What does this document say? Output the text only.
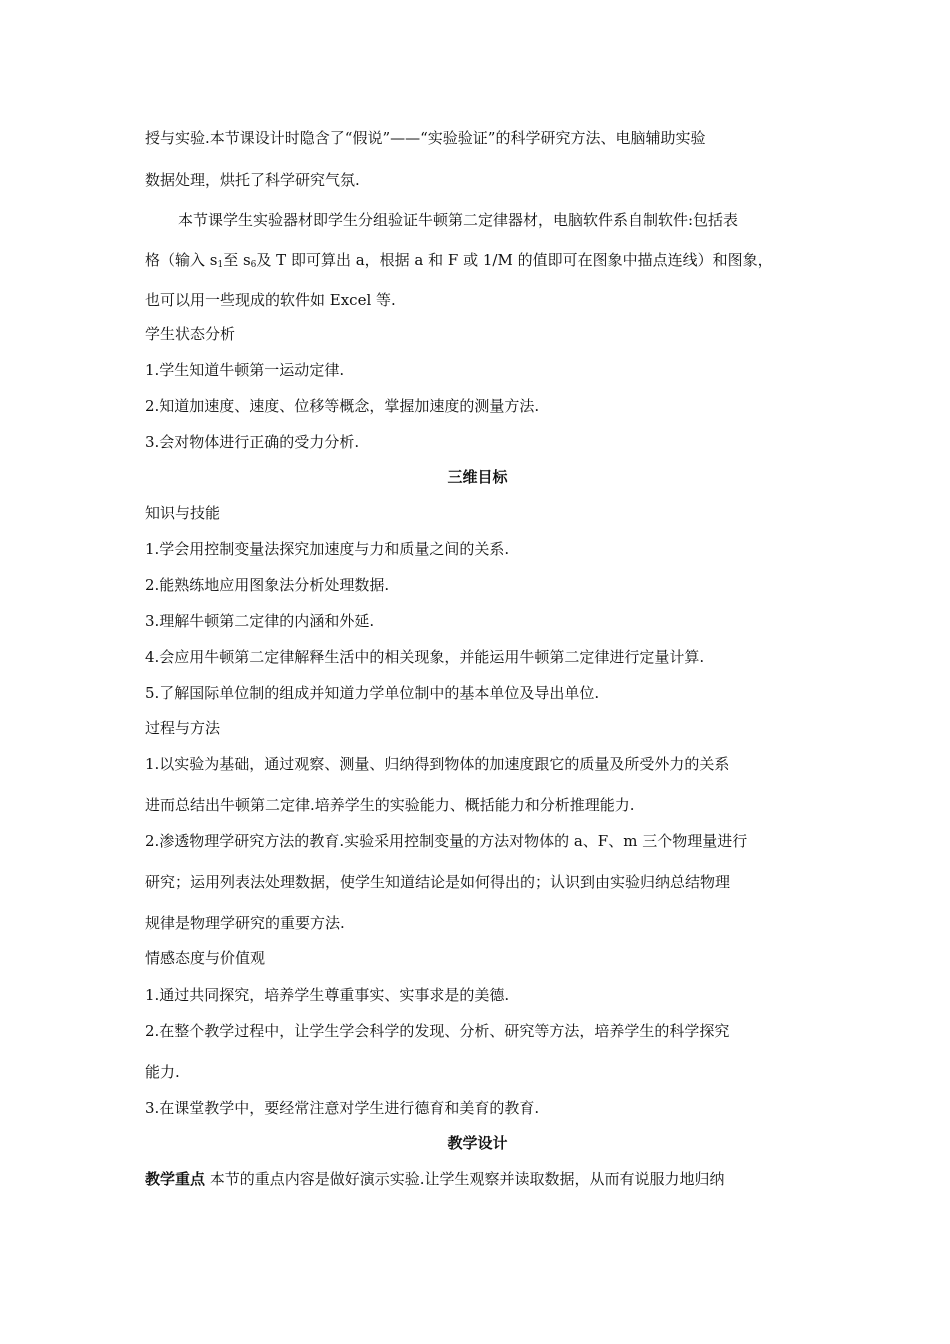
授与实验.本节课设计时隐含了“假说”——“实验验证”的科学研究方法、电脑辅助实验
数据处理，烘托了科学研究气氛.
本节课学生实验器材即学生分组验证牛顿第二定律器材，电脑软件系自制软件:包括表
格（输入 $s_1$至 $s_6$及 T 即可算出 a，根据 a 和 F 或 1/M 的值即可在图象中描点连线）和图象，
也可以用一些现成的软件如 Excel 等.
学生状态分析
1.学生知道牛顿第一运动定律.
2.知道加速度、速度、位移等概念，掌握加速度的测量方法.
3.会对物体进行正确的受力分析.
三维目标
知识与技能
1.学会用控制变量法探究加速度与力和质量之间的关系.
2.能熟练地应用图象法分析处理数据.
3.理解牛顿第二定律的内涵和外延.
4.会应用牛顿第二定律解释生活中的相关现象，并能运用牛顿第二定律进行定量计算.
5.了解国际单位制的组成并知道力学单位制中的基本单位及导出单位.
过程与方法
1.以实验为基础，通过观察、测量、归纳得到物体的加速度跟它的质量及所受外力的关系
进而总结出牛顿第二定律.培养学生的实验能力、概括能力和分析推理能力.
2.渗透物理学研究方法的教育.实验采用控制变量的方法对物体的 a、F、m 三个物理量进行
研究；运用列表法处理数据，使学生知道结论是如何得出的；认识到由实验归纳总结物理
规律是物理学研究的重要方法.
情感态度与价值观
1.通过共同探究，培养学生尊重事实、实事求是的美德.
2.在整个教学过程中，让学生学会科学的发现、分析、研究等方法，培养学生的科学探究
能力.
3.在课堂教学中，要经常注意对学生进行德育和美育的教育.
教学设计
教学重点 本节的重点内容是做好演示实验.让学生观察并读取数据，从而有说服力地归纳
